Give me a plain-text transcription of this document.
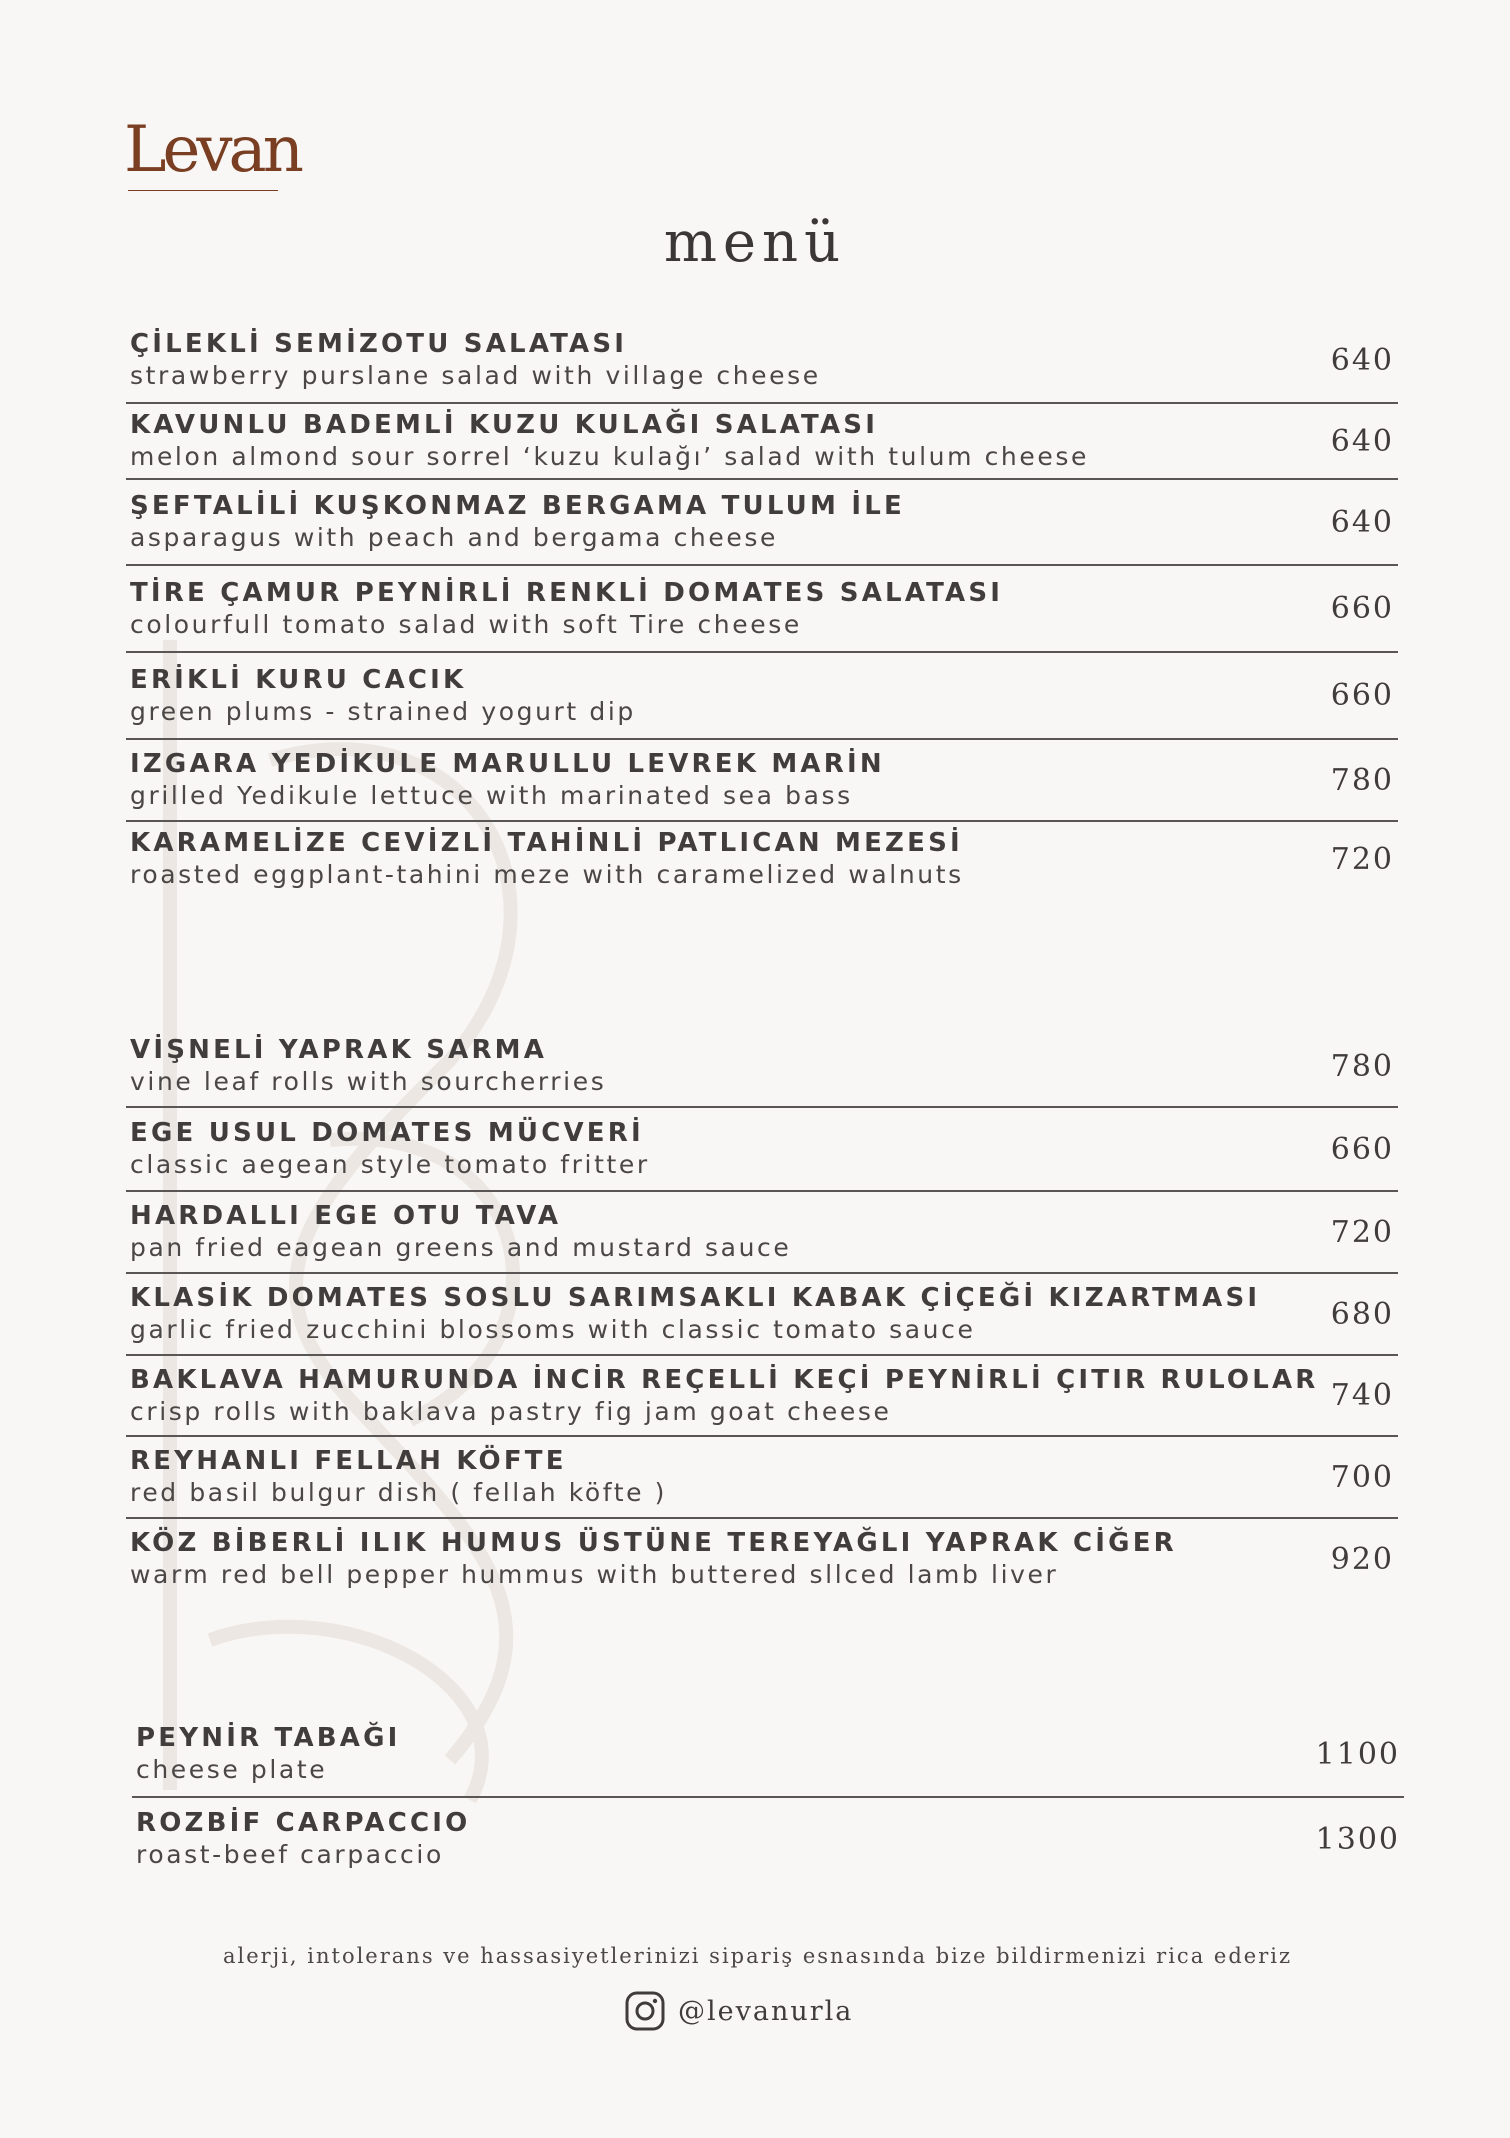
Levan
menü
ÇİLEKLİ SEMİZOTU SALATASI
strawberry purslane salad with village cheese	640
KAVUNLU BADEMLİ KUZU KULAĞI SALATASI
melon almond sour sorrel ‘kuzu kulağı’ salad with tulum cheese	640
ŞEFTALİLİ KUŞKONMAZ BERGAMA TULUM İLE
asparagus with peach and bergama cheese	640
TİRE ÇAMUR PEYNİRLİ RENKLİ DOMATES SALATASI
colourfull tomato salad with soft Tire cheese	660
ERİKLİ KURU CACIK
green plums - strained yogurt dip	660
IZGARA YEDİKULE MARULLU LEVREK MARİN
grilled Yedikule lettuce with marinated sea bass	780
KARAMELİZE CEVİZLİ TAHİNLİ PATLICAN MEZESİ
roasted eggplant-tahini meze with caramelized walnuts	720
VİŞNELİ YAPRAK SARMA
vine leaf rolls with sourcherries	780
EGE USUL DOMATES MÜCVERİ
classic aegean style tomato fritter	660
HARDALLI EGE OTU TAVA
pan fried eagean greens and mustard sauce	720
KLASİK DOMATES SOSLU SARIMSAKLI KABAK ÇİÇEĞİ KIZARTMASI
garlic fried zucchini blossoms with classic tomato sauce	680
BAKLAVA HAMURUNDA İNCİR REÇELLİ KEÇİ PEYNİRLİ ÇITIR RULOLAR
crisp rolls with baklava pastry fig jam goat cheese	740
REYHANLI FELLAH KÖFTE
red basil bulgur dish ( fellah köfte )	700
KÖZ BİBERLİ ILIK HUMUS ÜSTÜNE TEREYAĞLI YAPRAK CİĞER
warm red bell pepper hummus with buttered sllced lamb liver	920
PEYNİR TABAĞI
cheese plate	1100
ROZBİF CARPACCIO
roast-beef carpaccio	1300
alerji, intolerans ve hassasiyetlerinizi sipariş esnasında bize bildirmenizi rica ederiz
@levanurla
